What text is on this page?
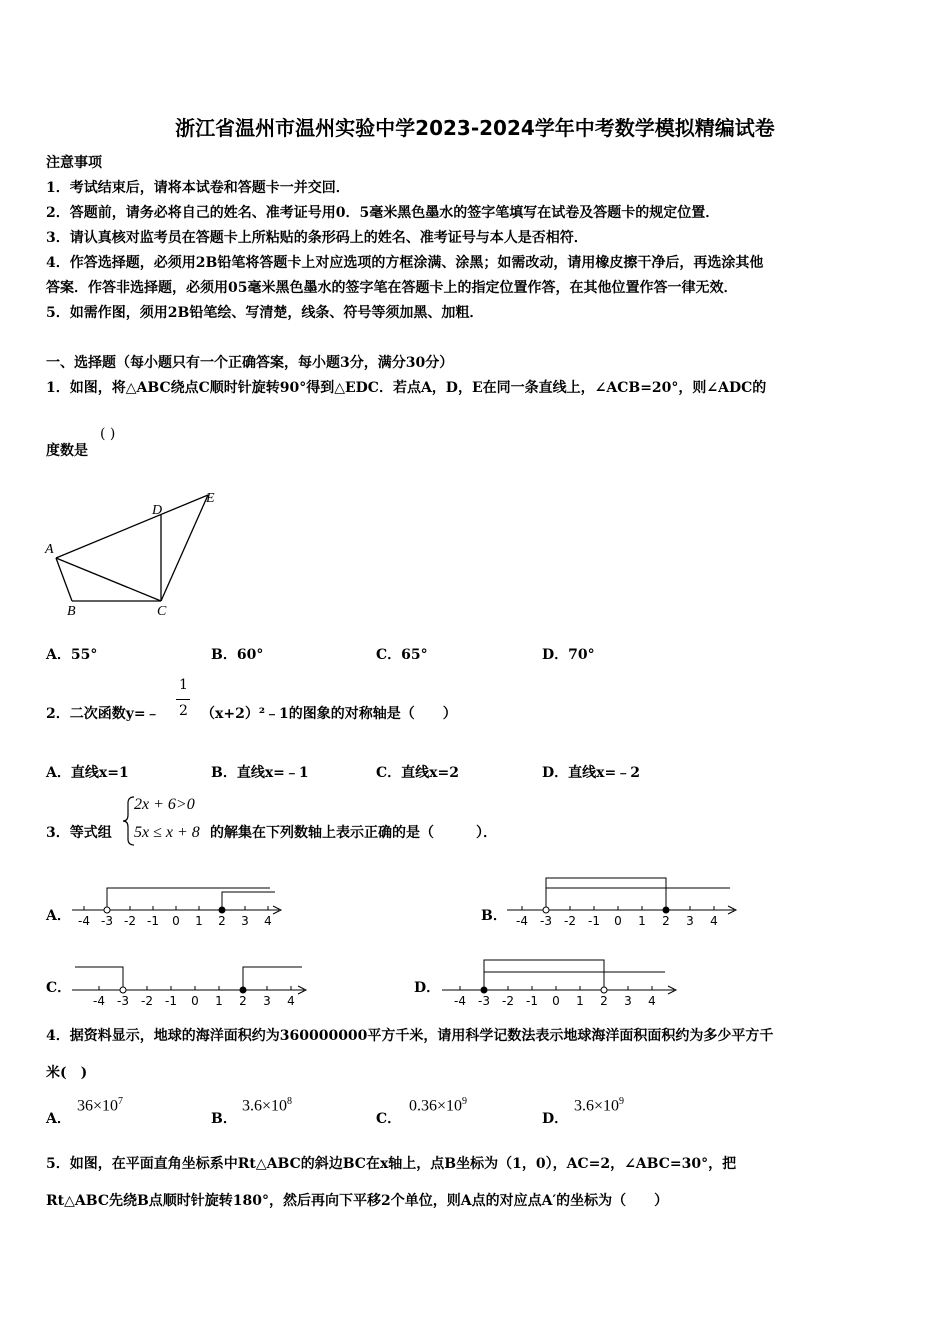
浙江省温州市温州实验中学2023-2024学年中考数学模拟精编试卷
注意事项
1．考试结束后，请将本试卷和答题卡一并交回．
2．答题前，请务必将自己的姓名、准考证号用0．5毫米黑色墨水的签字笔填写在试卷及答题卡的规定位置．
3．请认真核对监考员在答题卡上所粘贴的条形码上的姓名、准考证号与本人是否相符．
4．作答选择题，必须用2B铅笔将答题卡上对应选项的方框涂满、涂黑；如需改动，请用橡皮擦干净后，再选涂其他
答案．作答非选择题，必须用05毫米黑色墨水的签字笔在答题卡上的指定位置作答，在其他位置作答一律无效．
5．如需作图，须用2B铅笔绘、写清楚，线条、符号等须加黑、加粗．
一、选择题（每小题只有一个正确答案，每小题3分，满分30分）
1．如图，将△ABC绕点C顺时针旋转90°得到△EDC．若点A，D，E在同一条直线上，∠ACB=20°，则∠ADC的
度数是
( )
A
B	C
D
E
A．55°	B．60°	C．65°	D．70°
2．二次函数y=﹣
1
2 （x+2）²﹣1的图象的对称轴是（　　）
A．直线x=1	B．直线x=﹣1	C．直线x=2	D．直线x=﹣2
3．等式组
2x + 6>0
5x ≤ x + 8 的解集在下列数轴上表示正确的是（　　　）．
A． -4 -3 -2 -1 0 1 2 3 4	B． -4 -3 -2 -1 0 1 2 3 4
C．
-4 -3 -2 -1 0 1 2 3 4
D．
-4 -3 -2 -1 0 1 2 3 4
4．据资料显示，地球的海洋面积约为360000000平方千米，请用科学记数法表示地球海洋面积面积约为多少平方千
米(　)
A．
$36\times 10^7$
B．
$3.6\times 10^8$
C．
$0.36\times 10^9$
D．
$3.6\times 10^9$
5．如图，在平面直角坐标系中Rt△ABC的斜边BC在x轴上，点B坐标为（1，0），AC=2，∠ABC=30°，把
Rt△ABC先绕B点顺时针旋转180°，然后再向下平移2个单位，则A点的对应点A′的坐标为（　　）
